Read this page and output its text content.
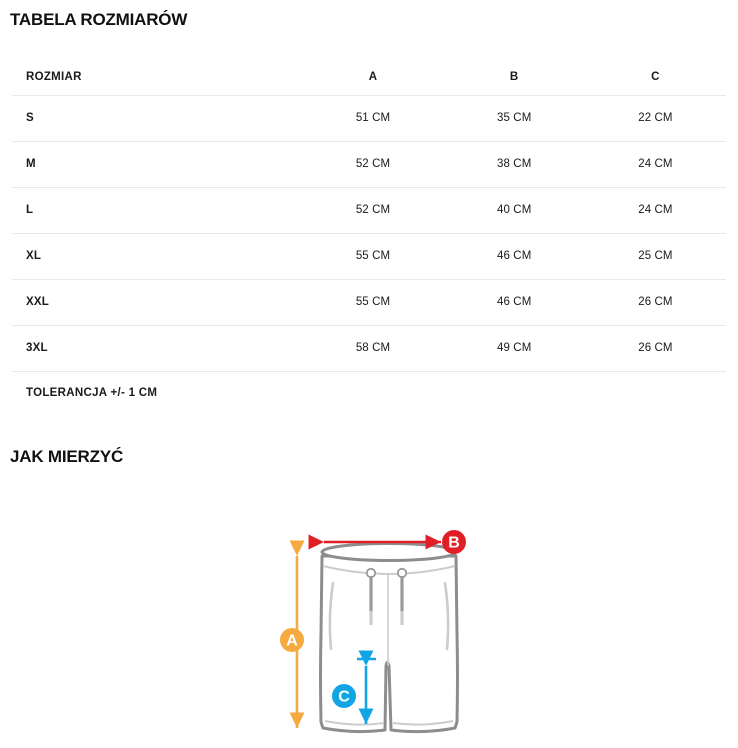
TABELA ROZMIARÓW
ROZMIAR	A	B	C
S	51 CM	35 CM	22 CM
M	52 CM	38 CM	24 CM
L	52 CM	40 CM	24 CM
XL	55 CM	46 CM	25 CM
XXL	55 CM	46 CM	26 CM
3XL	58 CM	49 CM	26 CM
TOLERANCJA +/- 1 CM			
JAK MIERZYĆ
B
A
C
